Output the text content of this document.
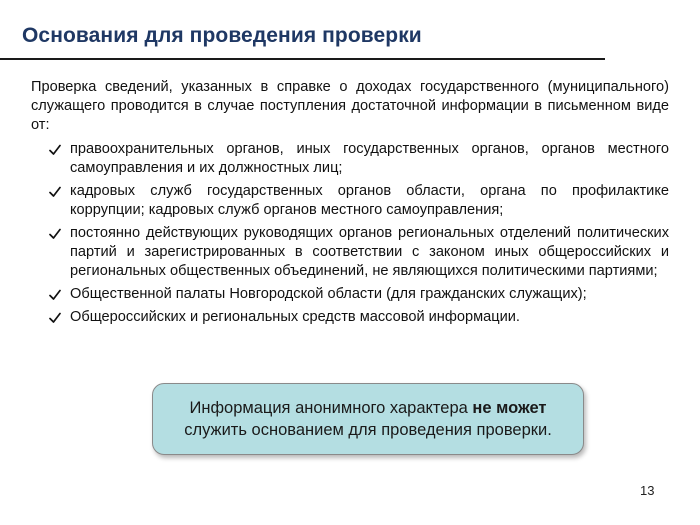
Основания для проведения проверки

Проверка сведений, указанных в справке о доходах государственного (муниципального) служащего проводится в случае поступления достаточной информации в письменном виде от:

правоохранительных органов, иных государственных органов, органов местного самоуправления и их должностных лиц;
кадровых служб государственных органов области, органа по профилактике коррупции; кадровых служб органов местного самоуправления;
постоянно действующих руководящих органов региональных отделений политических партий и зарегистрированных в соответствии с законом иных общероссийских и региональных общественных объединений, не являющихся политическими партиями;
Общественной палаты Новгородской области (для гражданских служащих);
Общероссийских и региональных средств массовой информации.
Информация анонимного характера не может
служить основанием для проведения проверки.
13
